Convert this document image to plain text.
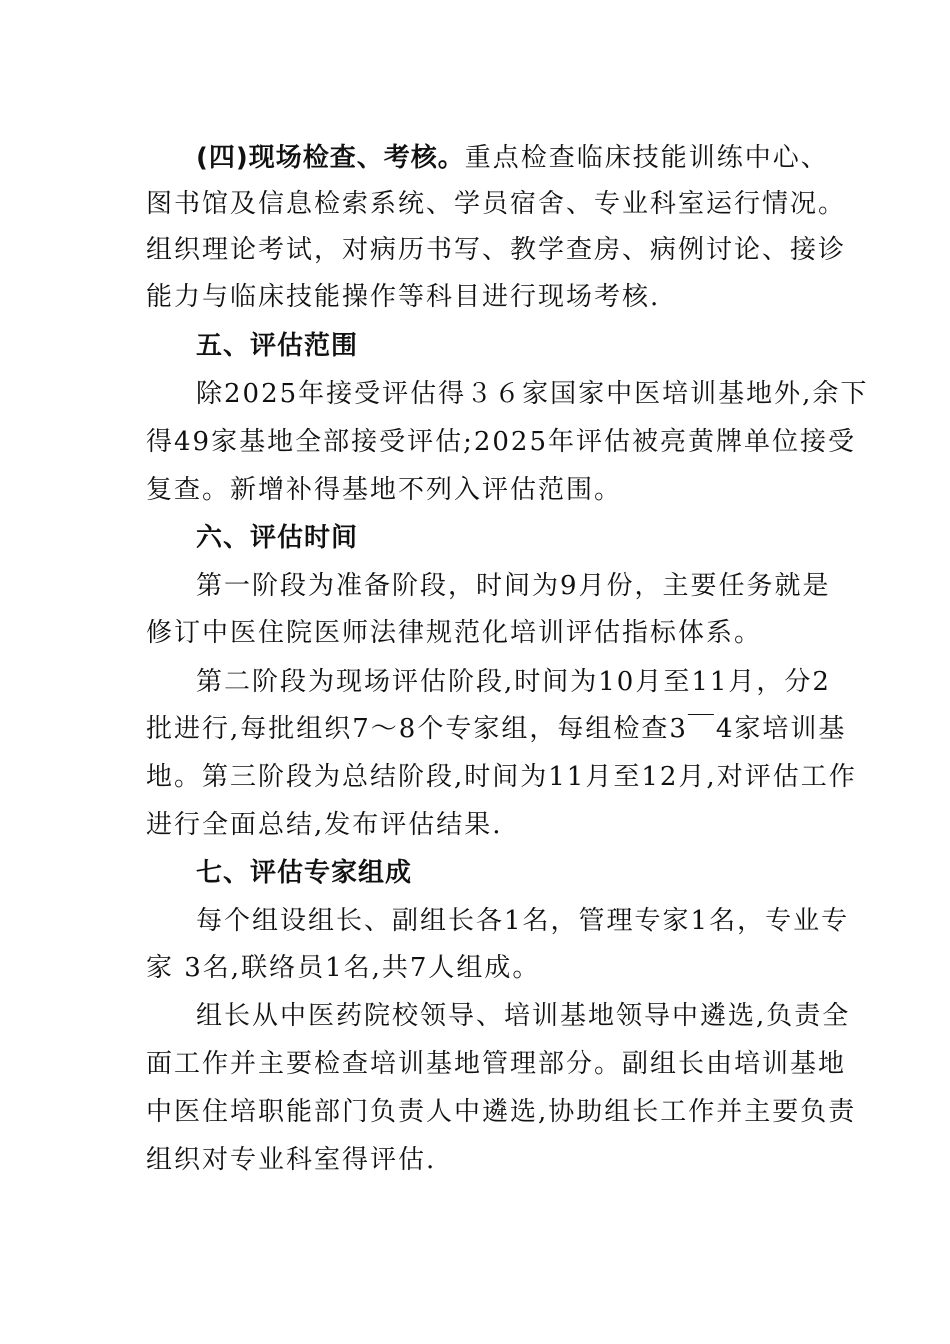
(四)现场检查、考核。重点检查临床技能训练中心、
图书馆及信息检索系统、学员宿舍、专业科室运行情况。
组织理论考试，对病历书写、教学查房、病例讨论、接诊
能力与临床技能操作等科目进行现场考核.
五、评估范围
除2025年接受评估得３６家国家中医培训基地外,余下
得49家基地全部接受评估;2025年评估被亮黄牌单位接受
复查。新增补得基地不列入评估范围。
六、评估时间
第一阶段为准备阶段，时间为9月份，主要任务就是
修订中医住院医师法律规范化培训评估指标体系。
第二阶段为现场评估阶段,时间为10月至11月，分2
批进行,每批组织7～8个专家组，每组检查3￣4家培训基
地。第三阶段为总结阶段,时间为11月至12月,对评估工作
进行全面总结,发布评估结果.
七、评估专家组成
每个组设组长、副组长各1名，管理专家1名，专业专
家 3名,联络员1名,共7人组成。
组长从中医药院校领导、培训基地领导中遴选,负责全
面工作并主要检查培训基地管理部分。副组长由培训基地
中医住培职能部门负责人中遴选,协助组长工作并主要负责
组织对专业科室得评估.
